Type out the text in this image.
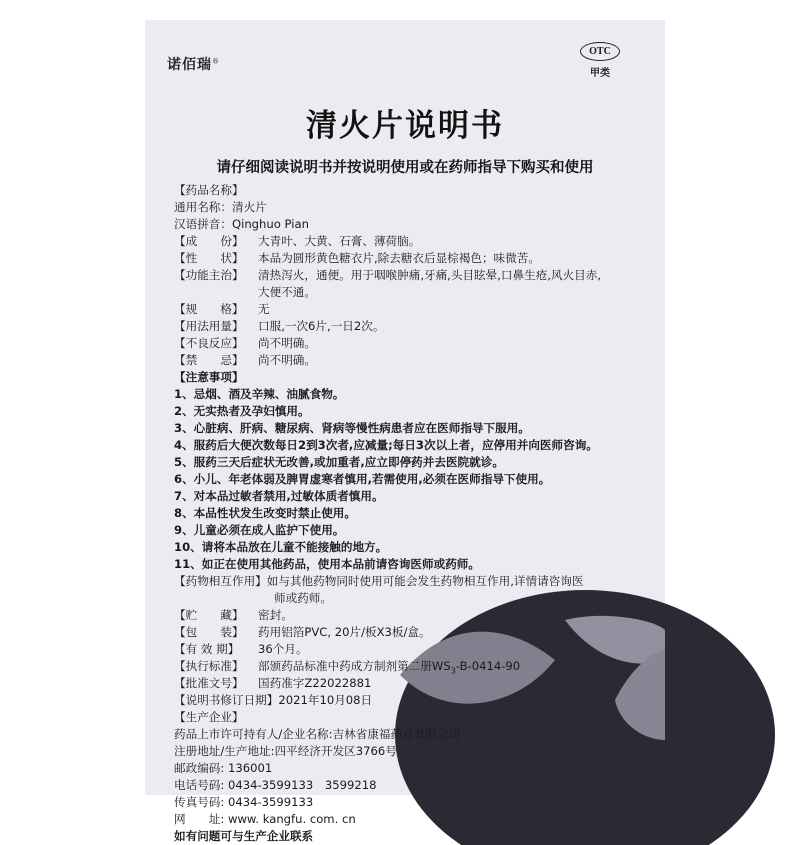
诺佰瑞®
OTC
甲类
清火片说明书
请仔细阅读说明书并按说明使用或在药师指导下购买和使用
【药品名称】
通用名称：清火片
汉语拼音：Qinghuo Pian
【成　　份】 大青叶、大黄、石膏、薄荷脑。
【性　　状】 本品为圆形黄色糖衣片,除去糖衣后显棕褐色；味微苦。
【功能主治】 清热泻火，通便。用于咽喉肿痛,牙痛,头目眩晕,口鼻生疮,风火目赤,
大便不通。
【规　　格】 无
【用法用量】 口服,一次6片,一日2次。
【不良反应】 尚不明确。
【禁　　忌】 尚不明确。
【注意事项】
1、忌烟、酒及辛辣、油腻食物。
2、无实热者及孕妇慎用。
3、心脏病、肝病、糖尿病、肾病等慢性病患者应在医师指导下服用。
4、服药后大便次数每日2到3次者,应减量;每日3次以上者，应停用并向医师咨询。
5、服药三天后症状无改善,或加重者,应立即停药并去医院就诊。
6、小儿、年老体弱及脾胃虚寒者慎用,若需使用,必须在医师指导下使用。
7、对本品过敏者禁用,过敏体质者慎用。
8、本品性状发生改变时禁止使用。
9、儿童必须在成人监护下使用。
10、请将本品放在儿童不能接触的地方。
11、如正在使用其他药品，使用本品前请咨询医师或药师。
【药物相互作用】如与其他药物同时使用可能会发生药物相互作用,详情请咨询医
师或药师。
【贮　　藏】 密封。
【包　　装】 药用铝箔PVC, 20片/板X3板/盒。
【有 效 期】 36个月。
【执行标准】 部颁药品标准中药成方制剂第二册$WS_3-B-0414-90$
【批准文号】 国药准字Z22022881
【说明书修订日期】2021年10月08日
【生产企业】
药品上市许可持有人/企业名称:吉林省康福药业有限公司
注册地址/生产地址:四平经济开发区3766号
邮政编码: 136001
电话号码: 0434-3599133　3599218
传真号码: 0434-3599133
网　　址: www. kangfu. com. cn
如有问题可与生产企业联系
